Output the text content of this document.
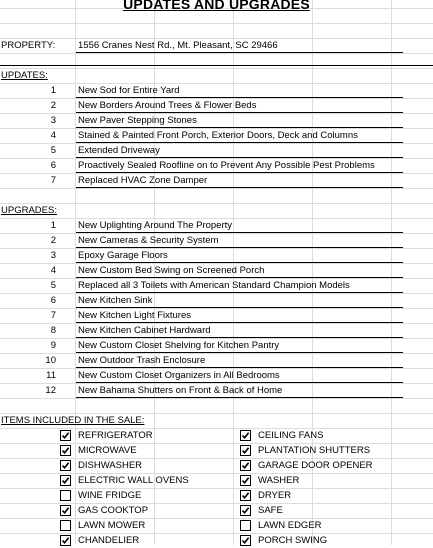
UPDATES AND UPGRADES
PROPERTY: 1556 Cranes Nest Rd., Mt. Pleasant, SC 29466
UPDATES:
1 New Sod for Entire Yard
2 New Borders Around Trees & Flower Beds
3 New Paver Stepping Stones
4 Stained & Painted Front Porch, Exterior Doors, Deck and Columns
5 Extended Driveway
6 Proactively Sealed Roofline on to Prevent Any Possible Pest Problems
7 Replaced HVAC Zone Damper
UPGRADES:
1 New Uplighting Around The Property
2 New Cameras & Security System
3 Epoxy Garage Floors
4 New Custom Bed Swing on Screened Porch
5 Replaced all 3 Toilets with American Standard Champion Models
6 New Kitchen Sink
7 New Kitchen Light Fixtures
8 New Kitchen Cabinet Hardward
9 New Custom Closet Shelving for Kitchen Pantry
10 New Outdoor Trash Enclosure
11 New Custom Closet Organizers in All Bedrooms
12 New Bahama Shutters on Front & Back of Home
ITEMS INCLUDED IN THE SALE:
REFRIGERATOR
MICROWAVE
DISHWASHER
ELECTRIC WALL OVENS
WINE FRIDGE
GAS COOKTOP
LAWN MOWER
CHANDELIER
CEILING FANS
PLANTATION SHUTTERS
GARAGE DOOR OPENER
WASHER
DRYER
SAFE
LAWN EDGER
PORCH SWING
